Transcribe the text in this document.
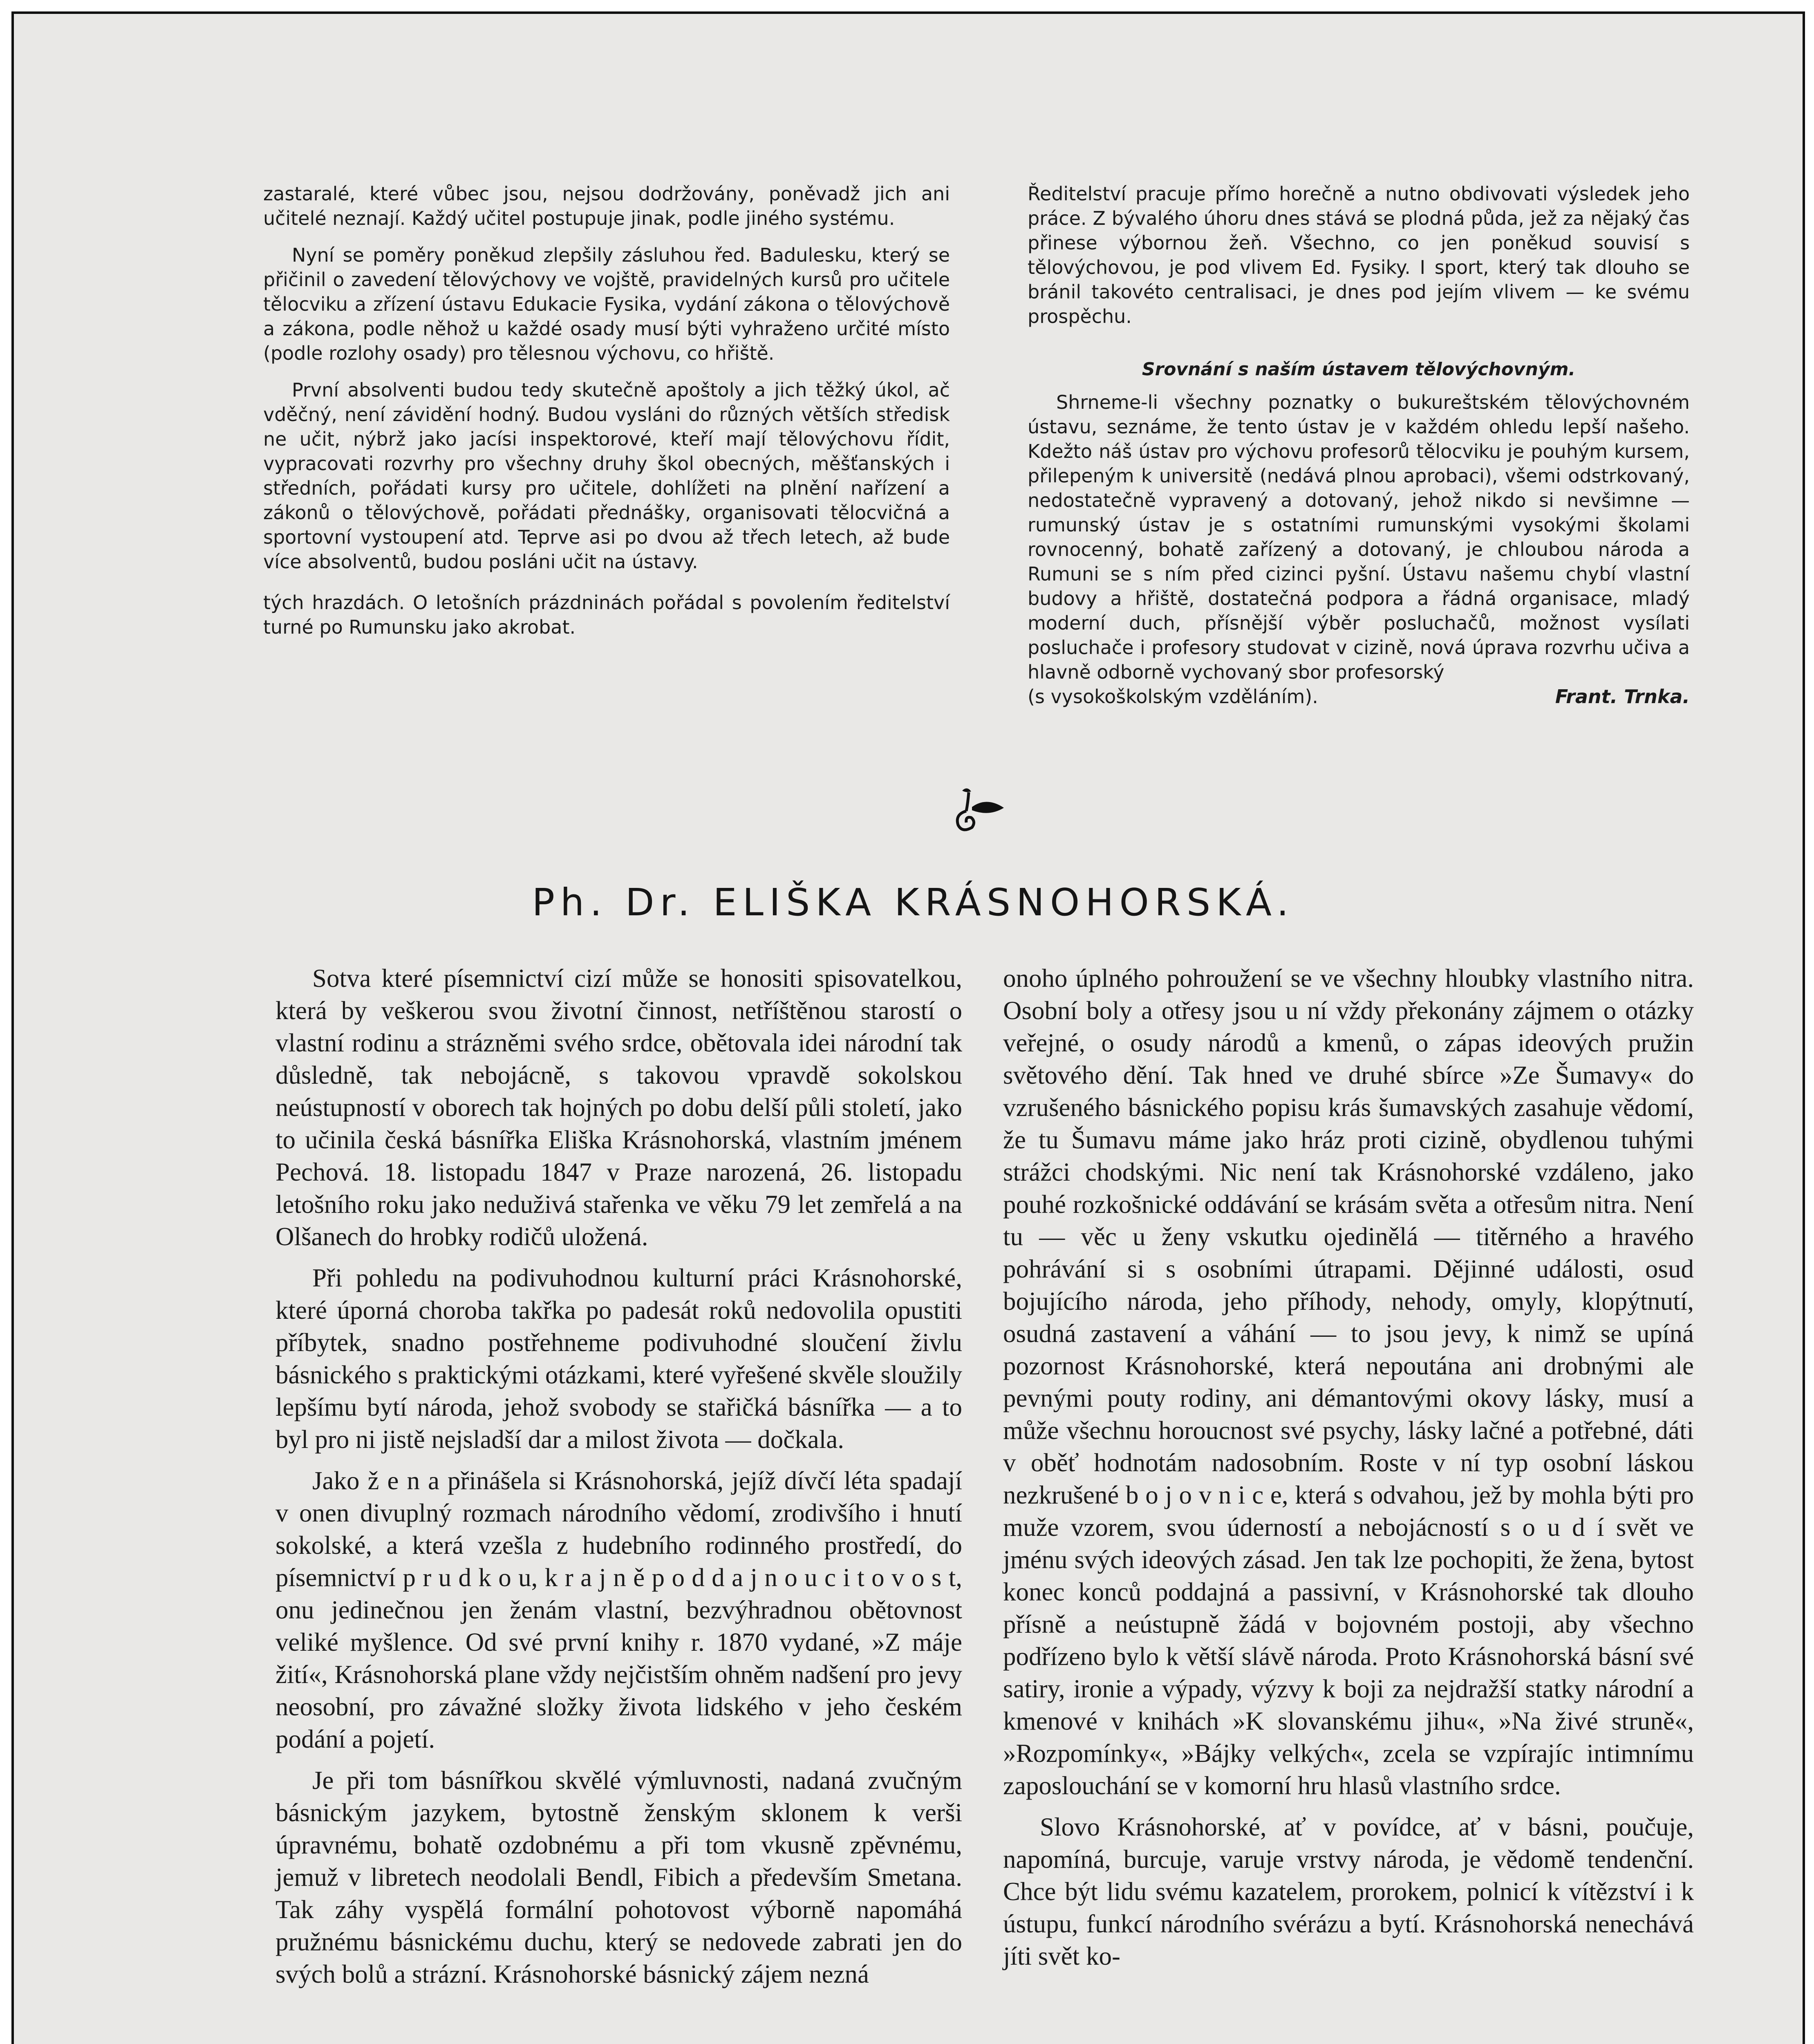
zastaralé, které vůbec jsou, nejsou dodržovány, poněvadž jich ani učitelé neznají. Každý učitel postupuje jinak, podle jiného systému.

Nyní se poměry poněkud zlepšily zásluhou řed. Badulesku, který se přičinil o zavedení tělovýchovy ve vojště, pravidelných kursů pro učitele tělocviku a zřízení ústavu Edukacie Fysika, vydání zákona o tělovýchově a zákona, podle něhož u každé osady musí býti vyhraženo určité místo (podle rozlohy osady) pro tělesnou výchovu, co hřiště.

První absolventi budou tedy skutečně apoštoly a jich těžký úkol, ač vděčný, není závidění hodný. Budou vysláni do různých větších středisk ne učit, nýbrž jako jacísi inspektorové, kteří mají tělovýchovu řídit, vypracovati rozvrhy pro všechny druhy škol obecných, měšťanských i středních, pořádati kursy pro učitele, dohlížeti na plnění nařízení a zákonů o tělovýchově, pořádati přednášky, organisovati tělocvičná a sportovní vystoupení atd. Teprve asi po dvou až třech letech, až bude více absolventů, budou posláni učit na ústavy.

tých hrazdách. O letošních prázdninách pořádal s povolením ředitelství turné po Rumunsku jako akrobat.

Ředitelství pracuje přímo horečně a nutno obdivovati výsledek jeho práce. Z bývalého úhoru dnes stává se plodná půda, jež za nějaký čas přinese výbornou žeň. Všechno, co jen poněkud souvisí s tělovýchovou, je pod vlivem Ed. Fysiky. I sport, který tak dlouho se bránil takovéto centralisaci, je dnes pod jejím vlivem — ke svému prospěchu.

Srovnání s naším ústavem tělovýchovným.

Shrneme-li všechny poznatky o bukureštském tělovýchovném ústavu, seznáme, že tento ústav je v každém ohledu lepší našeho. Kdežto náš ústav pro výchovu profesorů tělocviku je pouhým kursem, přilepeným k universitě (nedává plnou aprobaci), všemi odstrkovaný, nedostatečně vypravený a dotovaný, jehož nikdo si nevšimne — rumunský ústav je s ostatními rumunskými vysokými školami rovnocenný, bohatě zařízený a dotovaný, je chloubou národa a Rumuni se s ním před cizinci pyšní. Ústavu našemu chybí vlastní budovy a hřiště, dostatečná podpora a řádná organisace, mladý moderní duch, přísnější výběr posluchačů, možnost vysílati posluchače i profesory studovat v cizině, nová úprava rozvrhu učiva a hlavně odborně vychovaný sbor profesorský

(s vysokoškolským vzděláním).	Frant. Trnka.
Ph. Dr. ELIŠKA KRÁSNOHORSKÁ.

Sotva které písemnictví cizí může se honositi spisovatelkou, která by veškerou svou životní činnost, netříštěnou starostí o vlastní rodinu a strázněmi svého srdce, obětovala idei národní tak důsledně, tak nebojácně, s takovou vpravdě sokolskou neústupností v oborech tak hojných po dobu delší půli století, jako to učinila česká básnířka Eliška Krásnohorská, vlastním jménem Pechová. 18. listopadu 1847 v Praze narozená, 26. listopadu letošního roku jako neduživá stařenka ve věku 79 let zemřelá a na Olšanech do hrobky rodičů uložená.

Při pohledu na podivuhodnou kulturní práci Krásnohorské, které úporná choroba takřka po padesát roků nedovolila opustiti příbytek, snadno postřehneme podivuhodné sloučení živlu básnického s praktickými otázkami, které vyřešené skvěle sloužily lepšímu bytí národa, jehož svobody se stařičká básnířka — a to byl pro ni jistě nejsladší dar a milost života — dočkala.

Jako ž e n a přinášela si Krásnohorská, jejíž dívčí léta spadají v onen divuplný rozmach národního vědomí, zrodivšího i hnutí sokolské, a která vzešla z hudebního rodinného prostředí, do písemnictví p r u d k o u, k r a j n ě p o d d a j n o u c i t o v o s t, onu jedinečnou jen ženám vlastní, bezvýhradnou obětovnost veliké myšlence. Od své první knihy r. 1870 vydané, »Z máje žití«, Krásnohorská plane vždy nejčistším ohněm nadšení pro jevy neosobní, pro závažné složky života lidského v jeho českém podání a pojetí.

Je při tom básnířkou skvělé výmluvnosti, nadaná zvučným básnickým jazykem, bytostně ženským sklonem k verši úpravnému, bohatě ozdobnému a při tom vkusně zpěvnému, jemuž v libretech neodolali Bendl, Fibich a především Smetana. Tak záhy vyspělá formální pohotovost výborně napomáhá pružnému básnickému duchu, který se nedovede zabrati jen do svých bolů a strázní. Krásnohorské básnický zájem nezná

onoho úplného pohroužení se ve všechny hloubky vlastního nitra. Osobní boly a otřesy jsou u ní vždy překonány zájmem o otázky veřejné, o osudy národů a kmenů, o zápas ideových pružin světového dění. Tak hned ve druhé sbírce »Ze Šumavy« do vzrušeného básnického popisu krás šumavských zasahuje vědomí, že tu Šumavu máme jako hráz proti cizině, obydlenou tuhými strážci chodskými. Nic není tak Krásnohorské vzdáleno, jako pouhé rozkošnické oddávání se krásám světa a otřesům nitra. Není tu — věc u ženy vskutku ojedinělá — titěrného a hravého pohrávání si s osobními útrapami. Dějinné události, osud bojujícího národa, jeho příhody, nehody, omyly, klopýtnutí, osudná zastavení a váhání — to jsou jevy, k nimž se upíná pozornost Krásnohorské, která nepoutána ani drobnými ale pevnými pouty rodiny, ani démantovými okovy lásky, musí a může všechnu horoucnost své psychy, lásky lačné a potřebné, dáti v oběť hodnotám nadosobním. Roste v ní typ osobní láskou nezkrušené b o j o v n i c e, která s odvahou, jež by mohla býti pro muže vzorem, svou úderností a nebojácností s o u d í svět ve jménu svých ideových zásad. Jen tak lze pochopiti, že žena, bytost konec konců poddajná a passivní, v Krásnohorské tak dlouho přísně a neústupně žádá v bojovném postoji, aby všechno podřízeno bylo k větší slávě národa. Proto Krásnohorská básní své satiry, ironie a výpady, výzvy k boji za nejdražší statky národní a kmenové v knihách »K slovanskému jihu«, »Na živé struně«, »Rozpomínky«, »Bájky velkých«, zcela se vzpírajíc intimnímu zaposlouchání se v komorní hru hlasů vlastního srdce.

Slovo Krásnohorské, ať v povídce, ať v básni, poučuje, napomíná, burcuje, varuje vrstvy národa, je vědomě tendenční. Chce být lidu svému kazatelem, prorokem, polnicí k vítězství i k ústupu, funkcí národního svérázu a bytí. Krásnohorská nenechává jíti svět ko-
